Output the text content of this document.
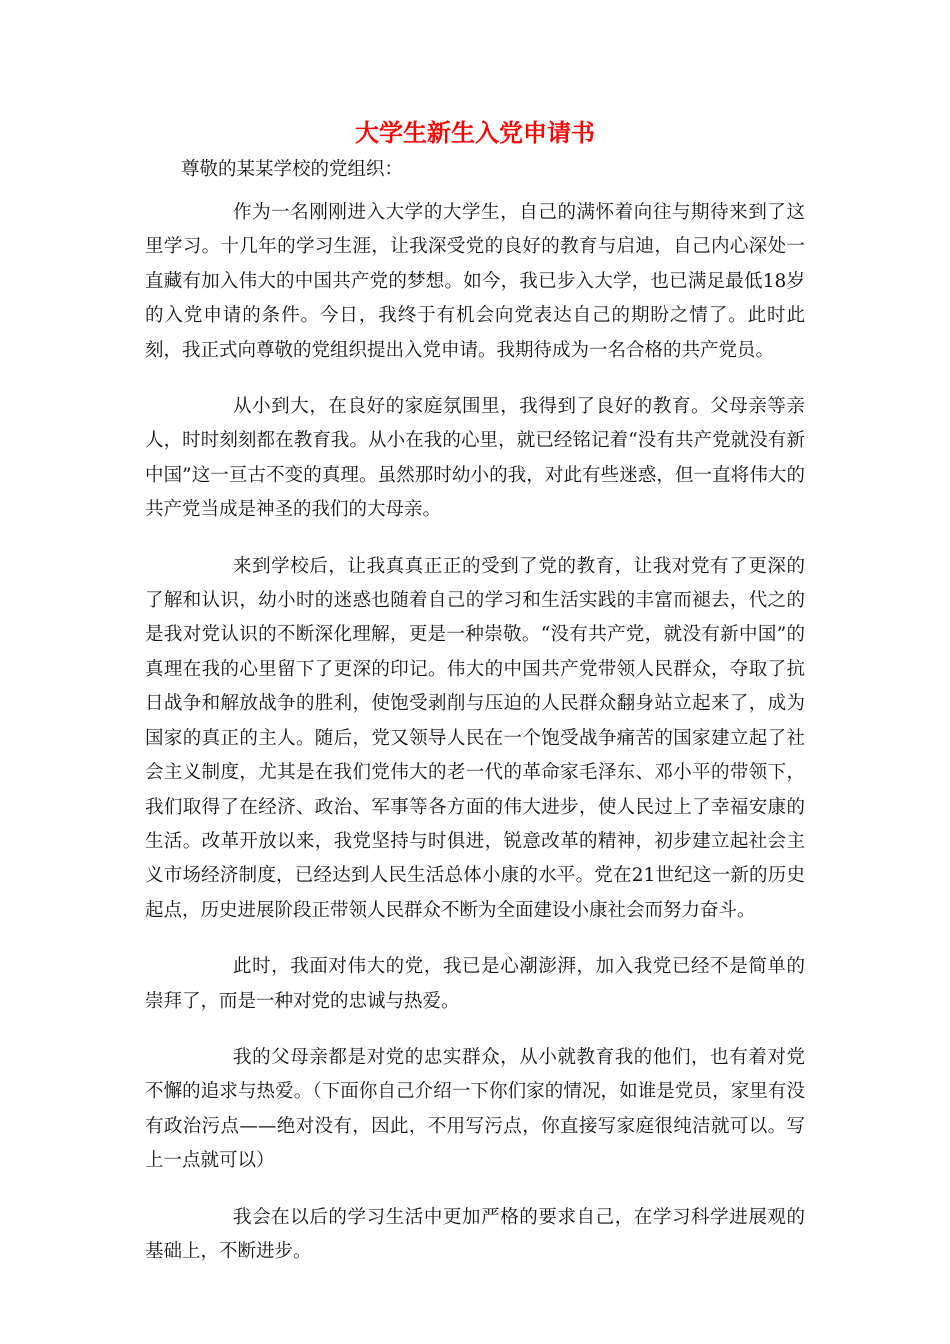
大学生新生入党申请书

尊敬的某某学校的党组织：

作为一名刚刚进入大学的大学生，自己的满怀着向往与期待来到了这里学习。十几年的学习生涯，让我深受党的良好的教育与启迪，自己内心深处一直藏有加入伟大的中国共产党的梦想。如今，我已步入大学，也已满足最低18岁的入党申请的条件。今日，我终于有机会向党表达自己的期盼之情了。此时此刻，我正式向尊敬的党组织提出入党申请。我期待成为一名合格的共产党员。

从小到大，在良好的家庭氛围里，我得到了良好的教育。父母亲等亲人，时时刻刻都在教育我。从小在我的心里，就已经铭记着“没有共产党就没有新中国”这一亘古不变的真理。虽然那时幼小的我，对此有些迷惑，但一直将伟大的共产党当成是神圣的我们的大母亲。

来到学校后，让我真真正正的受到了党的教育，让我对党有了更深的了解和认识，幼小时的迷惑也随着自己的学习和生活实践的丰富而褪去，代之的是我对党认识的不断深化理解，更是一种崇敬。“没有共产党，就没有新中国”的真理在我的心里留下了更深的印记。伟大的中国共产党带领人民群众，夺取了抗日战争和解放战争的胜利，使饱受剥削与压迫的人民群众翻身站立起来了，成为国家的真正的主人。随后，党又领导人民在一个饱受战争痛苦的国家建立起了社会主义制度，尤其是在我们党伟大的老一代的革命家毛泽东、邓小平的带领下，我们取得了在经济、政治、军事等各方面的伟大进步，使人民过上了幸福安康的生活。改革开放以来，我党坚持与时俱进，锐意改革的精神，初步建立起社会主义市场经济制度，已经达到人民生活总体小康的水平。党在21世纪这一新的历史起点，历史进展阶段正带领人民群众不断为全面建设小康社会而努力奋斗。

此时，我面对伟大的党，我已是心潮澎湃，加入我党已经不是简单的崇拜了，而是一种对党的忠诚与热爱。

我的父母亲都是对党的忠实群众，从小就教育我的他们，也有着对党不懈的追求与热爱。（下面你自己介绍一下你们家的情况，如谁是党员，家里有没有政治污点——绝对没有，因此，不用写污点，你直接写家庭很纯洁就可以。写上一点就可以）

我会在以后的学习生活中更加严格的要求自己，在学习科学进展观的基础上，不断进步。
